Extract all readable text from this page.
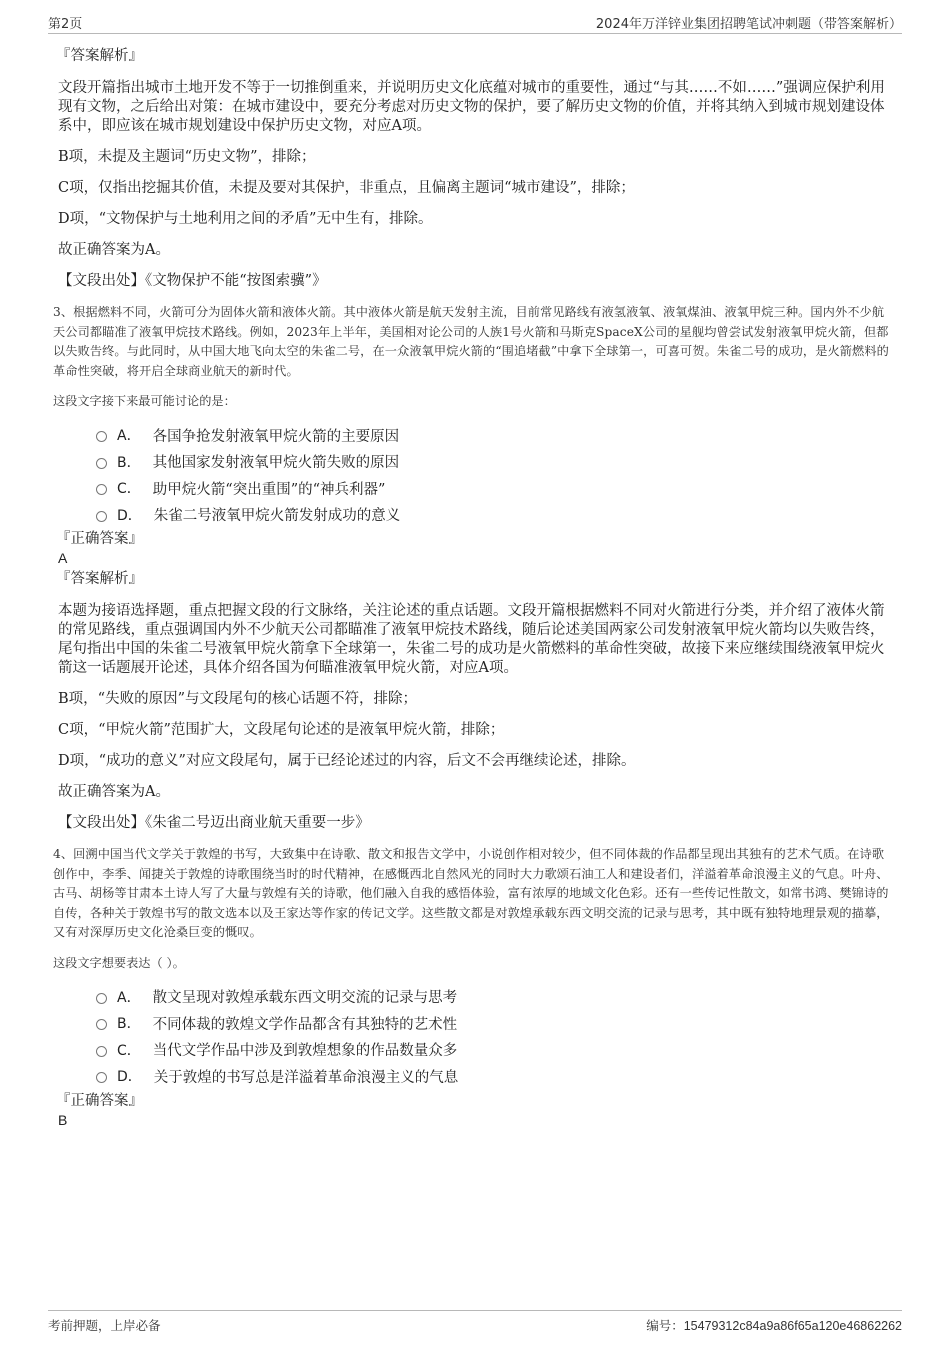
第2页	2024年万洋锌业集团招聘笔试冲刺题（带答案解析）

『答案解析』

文段开篇指出城市土地开发不等于一切推倒重来，并说明历史文化底蕴对城市的重要性，通过“与其……不如……”强调应保护利用现有文物，之后给出对策：在城市建设中，要充分考虑对历史文物的保护，要了解历史文物的价值，并将其纳入到城市规划建设体系中，即应该在城市规划建设中保护历史文物，对应A项。

B项，未提及主题词“历史文物”，排除；

C项，仅指出挖掘其价值，未提及要对其保护，非重点，且偏离主题词“城市建设”，排除；

D项，“文物保护与土地利用之间的矛盾”无中生有，排除。

故正确答案为A。

【文段出处】《文物保护不能“按图索骥”》

3、根据燃料不同，火箭可分为固体火箭和液体火箭。其中液体火箭是航天发射主流，目前常见路线有液氢液氧、液氧煤油、液氧甲烷三种。国内外不少航天公司都瞄准了液氧甲烷技术路线。例如，2023年上半年，美国相对论公司的人族1号火箭和马斯克SpaceX公司的星舰均曾尝试发射液氧甲烷火箭，但都以失败告终。与此同时，从中国大地飞向太空的朱雀二号，在一众液氧甲烷火箭的“围追堵截”中拿下全球第一，可喜可贺。朱雀二号的成功，是火箭燃料的革命性突破，将开启全球商业航天的新时代。

这段文字接下来最可能讨论的是：

A． 各国争抢发射液氧甲烷火箭的主要原因
B． 其他国家发射液氧甲烷火箭失败的原因
C． 助甲烷火箭“突出重围”的“神兵利器”
D． 朱雀二号液氧甲烷火箭发射成功的意义

『正确答案』

A

『答案解析』

本题为接语选择题，重点把握文段的行文脉络，关注论述的重点话题。文段开篇根据燃料不同对火箭进行分类，并介绍了液体火箭的常见路线，重点强调国内外不少航天公司都瞄准了液氧甲烷技术路线，随后论述美国两家公司发射液氧甲烷火箭均以失败告终，尾句指出中国的朱雀二号液氧甲烷火箭拿下全球第一，朱雀二号的成功是火箭燃料的革命性突破，故接下来应继续围绕液氧甲烷火箭这一话题展开论述，具体介绍各国为何瞄准液氧甲烷火箭，对应A项。

B项，“失败的原因”与文段尾句的核心话题不符，排除；

C项，“甲烷火箭”范围扩大，文段尾句论述的是液氧甲烷火箭，排除；

D项，“成功的意义”对应文段尾句，属于已经论述过的内容，后文不会再继续论述，排除。

故正确答案为A。

【文段出处】《朱雀二号迈出商业航天重要一步》

4、回溯中国当代文学关于敦煌的书写，大致集中在诗歌、散文和报告文学中，小说创作相对较少，但不同体裁的作品都呈现出其独有的艺术气质。在诗歌创作中，李季、闻捷关于敦煌的诗歌围绕当时的时代精神，在感慨西北自然风光的同时大力歌颂石油工人和建设者们，洋溢着革命浪漫主义的气息。叶舟、古马、胡杨等甘肃本土诗人写了大量与敦煌有关的诗歌，他们融入自我的感悟体验，富有浓厚的地域文化色彩。还有一些传记性散文，如常书鸿、樊锦诗的自传，各种关于敦煌书写的散文选本以及王家达等作家的传记文学。这些散文都是对敦煌承载东西文明交流的记录与思考，其中既有独特地理景观的描摹，又有对深厚历史文化沧桑巨变的慨叹。

这段文字想要表达（ ）。

A． 散文呈现对敦煌承载东西文明交流的记录与思考
B． 不同体裁的敦煌文学作品都含有其独特的艺术性
C． 当代文学作品中涉及到敦煌想象的作品数量众多
D． 关于敦煌的书写总是洋溢着革命浪漫主义的气息

『正确答案』

B

考前押题，上岸必备	编号：15479312c84a9a86f65a120e46862262
